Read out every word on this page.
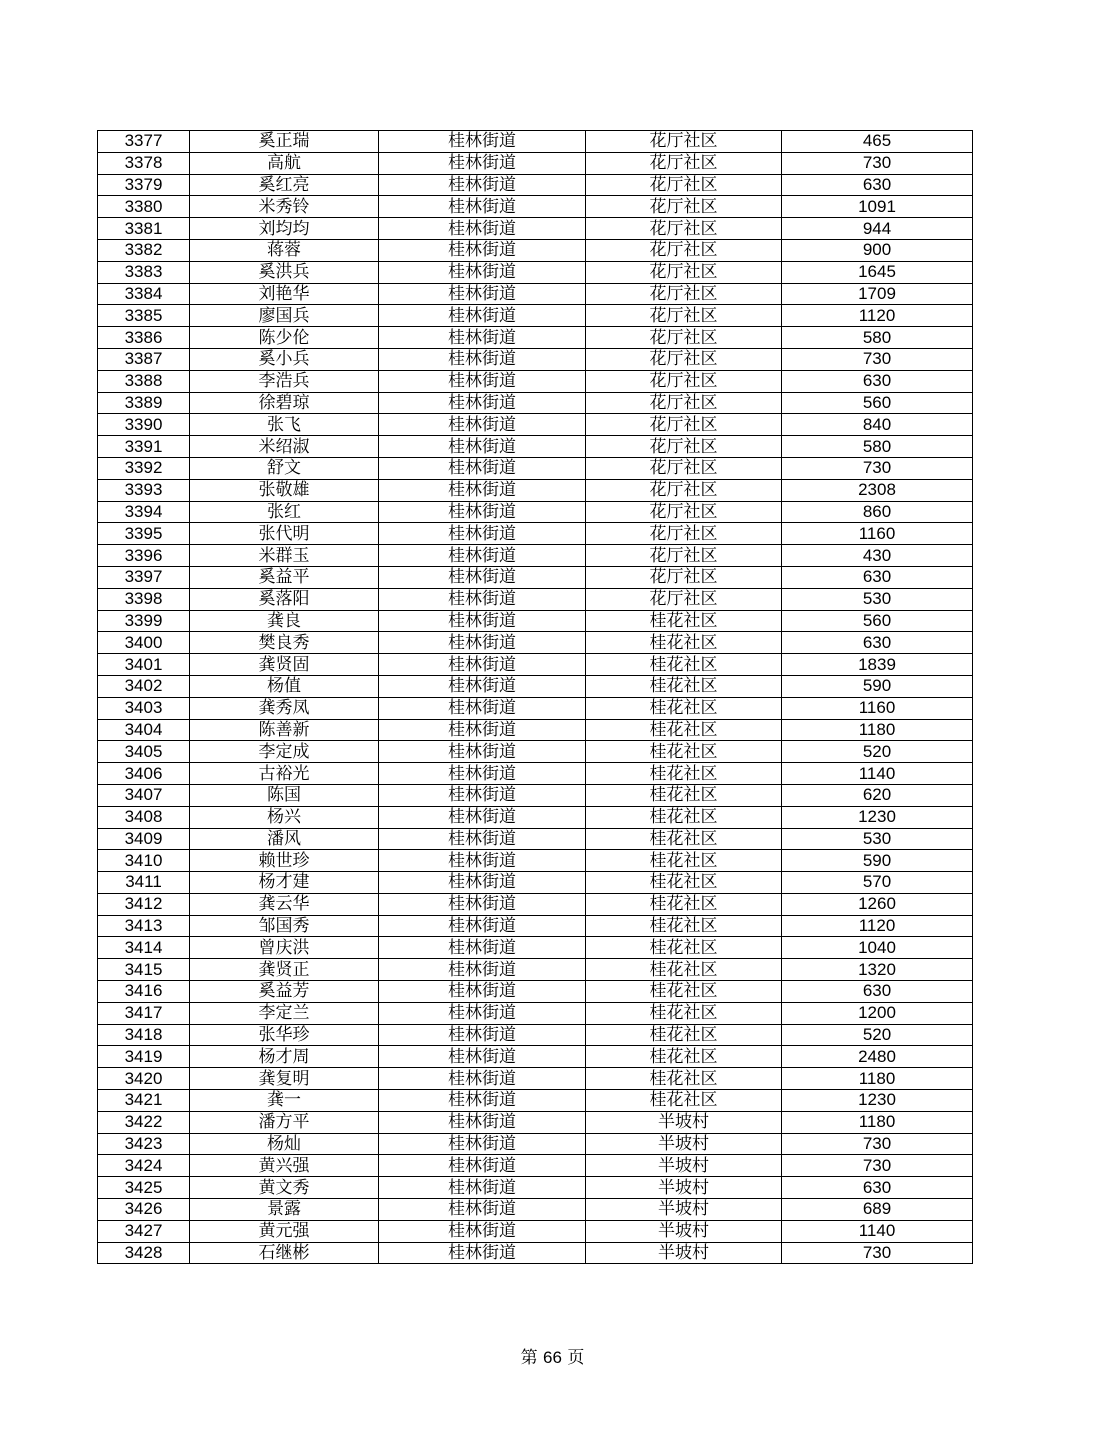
3377	奚正瑞	桂林街道	花厅社区	465
3378	高航	桂林街道	花厅社区	730
3379	奚红亮	桂林街道	花厅社区	630
3380	米秀铃	桂林街道	花厅社区	1091
3381	刘均均	桂林街道	花厅社区	944
3382	蒋蓉	桂林街道	花厅社区	900
3383	奚洪兵	桂林街道	花厅社区	1645
3384	刘艳华	桂林街道	花厅社区	1709
3385	廖国兵	桂林街道	花厅社区	1120
3386	陈少伦	桂林街道	花厅社区	580
3387	奚小兵	桂林街道	花厅社区	730
3388	李浩兵	桂林街道	花厅社区	630
3389	徐碧琼	桂林街道	花厅社区	560
3390	张飞	桂林街道	花厅社区	840
3391	米绍淑	桂林街道	花厅社区	580
3392	舒文	桂林街道	花厅社区	730
3393	张敬雄	桂林街道	花厅社区	2308
3394	张红	桂林街道	花厅社区	860
3395	张代明	桂林街道	花厅社区	1160
3396	米群玉	桂林街道	花厅社区	430
3397	奚益平	桂林街道	花厅社区	630
3398	奚落阳	桂林街道	花厅社区	530
3399	龚良	桂林街道	桂花社区	560
3400	樊良秀	桂林街道	桂花社区	630
3401	龚贤固	桂林街道	桂花社区	1839
3402	杨值	桂林街道	桂花社区	590
3403	龚秀凤	桂林街道	桂花社区	1160
3404	陈善新	桂林街道	桂花社区	1180
3405	李定成	桂林街道	桂花社区	520
3406	古裕光	桂林街道	桂花社区	1140
3407	陈国	桂林街道	桂花社区	620
3408	杨兴	桂林街道	桂花社区	1230
3409	潘风	桂林街道	桂花社区	530
3410	赖世珍	桂林街道	桂花社区	590
3411	杨才建	桂林街道	桂花社区	570
3412	龚云华	桂林街道	桂花社区	1260
3413	邹国秀	桂林街道	桂花社区	1120
3414	曾庆洪	桂林街道	桂花社区	1040
3415	龚贤正	桂林街道	桂花社区	1320
3416	奚益芳	桂林街道	桂花社区	630
3417	李定兰	桂林街道	桂花社区	1200
3418	张华珍	桂林街道	桂花社区	520
3419	杨才周	桂林街道	桂花社区	2480
3420	龚复明	桂林街道	桂花社区	1180
3421	龚一	桂林街道	桂花社区	1230
3422	潘方平	桂林街道	半坡村	1180
3423	杨灿	桂林街道	半坡村	730
3424	黄兴强	桂林街道	半坡村	730
3425	黄文秀	桂林街道	半坡村	630
3426	景露	桂林街道	半坡村	689
3427	黄元强	桂林街道	半坡村	1140
3428	石继彬	桂林街道	半坡村	730
第 66 页
